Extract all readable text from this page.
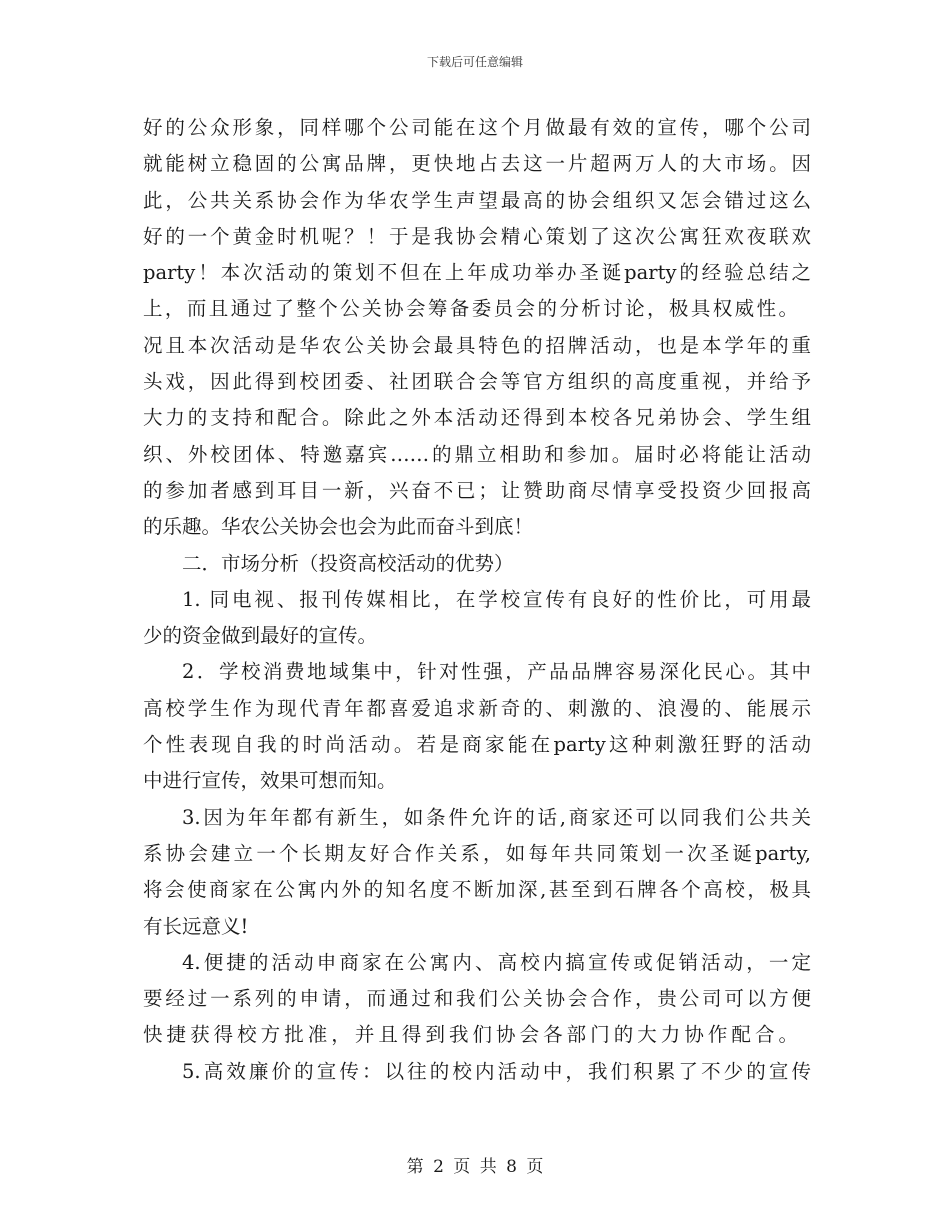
下载后可任意编辑
好的公众形象，同样哪个公司能在这个月做最有效的宣传，哪个公司
就能树立稳固的公寓品牌，更快地占去这一片超两万人的大市场。因
此，公共关系协会作为华农学生声望最高的协会组织又怎会错过这么
好的一个黄金时机呢？！于是我协会精心策划了这次公寓狂欢夜联欢
party！本次活动的策划不但在上年成功举办圣诞party的经验总结之
上，而且通过了整个公关协会筹备委员会的分析讨论，极具权威性。
况且本次活动是华农公关协会最具特色的招牌活动，也是本学年的重
头戏，因此得到校团委、社团联合会等官方组织的高度重视，并给予
大力的支持和配合。除此之外本活动还得到本校各兄弟协会、学生组
织、外校团体、特邀嘉宾……的鼎立相助和参加。届时必将能让活动
的参加者感到耳目一新，兴奋不已；让赞助商尽情享受投资少回报高
的乐趣。华农公关协会也会为此而奋斗到底！
二．市场分析（投资高校活动的优势）
1. 同电视、报刊传媒相比，在学校宣传有良好的性价比，可用最
少的资金做到最好的宣传。
2．学校消费地域集中，针对性强，产品品牌容易深化民心。其中
高校学生作为现代青年都喜爱追求新奇的、刺激的、浪漫的、能展示
个性表现自我的时尚活动。若是商家能在party这种刺激狂野的活动
中进行宣传，效果可想而知。
3.因为年年都有新生，如条件允许的话,商家还可以同我们公共关
系协会建立一个长期友好合作关系，如每年共同策划一次圣诞party,
将会使商家在公寓内外的知名度不断加深,甚至到石牌各个高校，极具
有长远意义!
4.便捷的活动申商家在公寓内、高校内搞宣传或促销活动，一定
要经过一系列的申请，而通过和我们公关协会合作，贵公司可以方便
快捷获得校方批准，并且得到我们协会各部门的大力协作配合。
5.高效廉价的宣传：以往的校内活动中，我们积累了不少的宣传
第 2 页 共 8 页
